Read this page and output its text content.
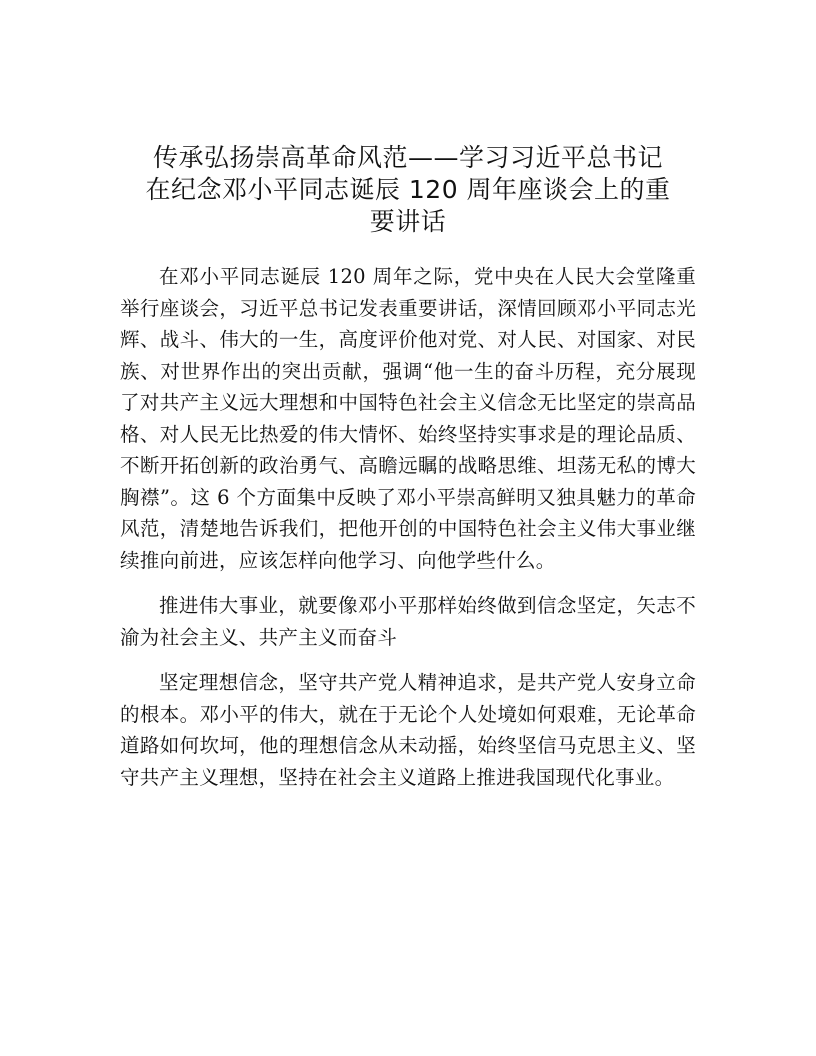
传承弘扬崇高革命风范——学习习近平总书记
在纪念邓小平同志诞辰 120 周年座谈会上的重
要讲话

在邓小平同志诞辰 120 周年之际，党中央在人民大会堂隆重举行座谈会，习近平总书记发表重要讲话，深情回顾邓小平同志光辉、战斗、伟大的一生，高度评价他对党、对人民、对国家、对民族、对世界作出的突出贡献，强调“他一生的奋斗历程，充分展现了对共产主义远大理想和中国特色社会主义信念无比坚定的崇高品格、对人民无比热爱的伟大情怀、始终坚持实事求是的理论品质、不断开拓创新的政治勇气、高瞻远瞩的战略思维、坦荡无私的博大胸襟”。这 6 个方面集中反映了邓小平崇高鲜明又独具魅力的革命风范，清楚地告诉我们，把他开创的中国特色社会主义伟大事业继续推向前进，应该怎样向他学习、向他学些什么。

推进伟大事业，就要像邓小平那样始终做到信念坚定，矢志不渝为社会主义、共产主义而奋斗

坚定理想信念，坚守共产党人精神追求，是共产党人安身立命的根本。邓小平的伟大，就在于无论个人处境如何艰难，无论革命道路如何坎坷，他的理想信念从未动摇，始终坚信马克思主义、坚守共产主义理想，坚持在社会主义道路上推进我国现代化事业。
